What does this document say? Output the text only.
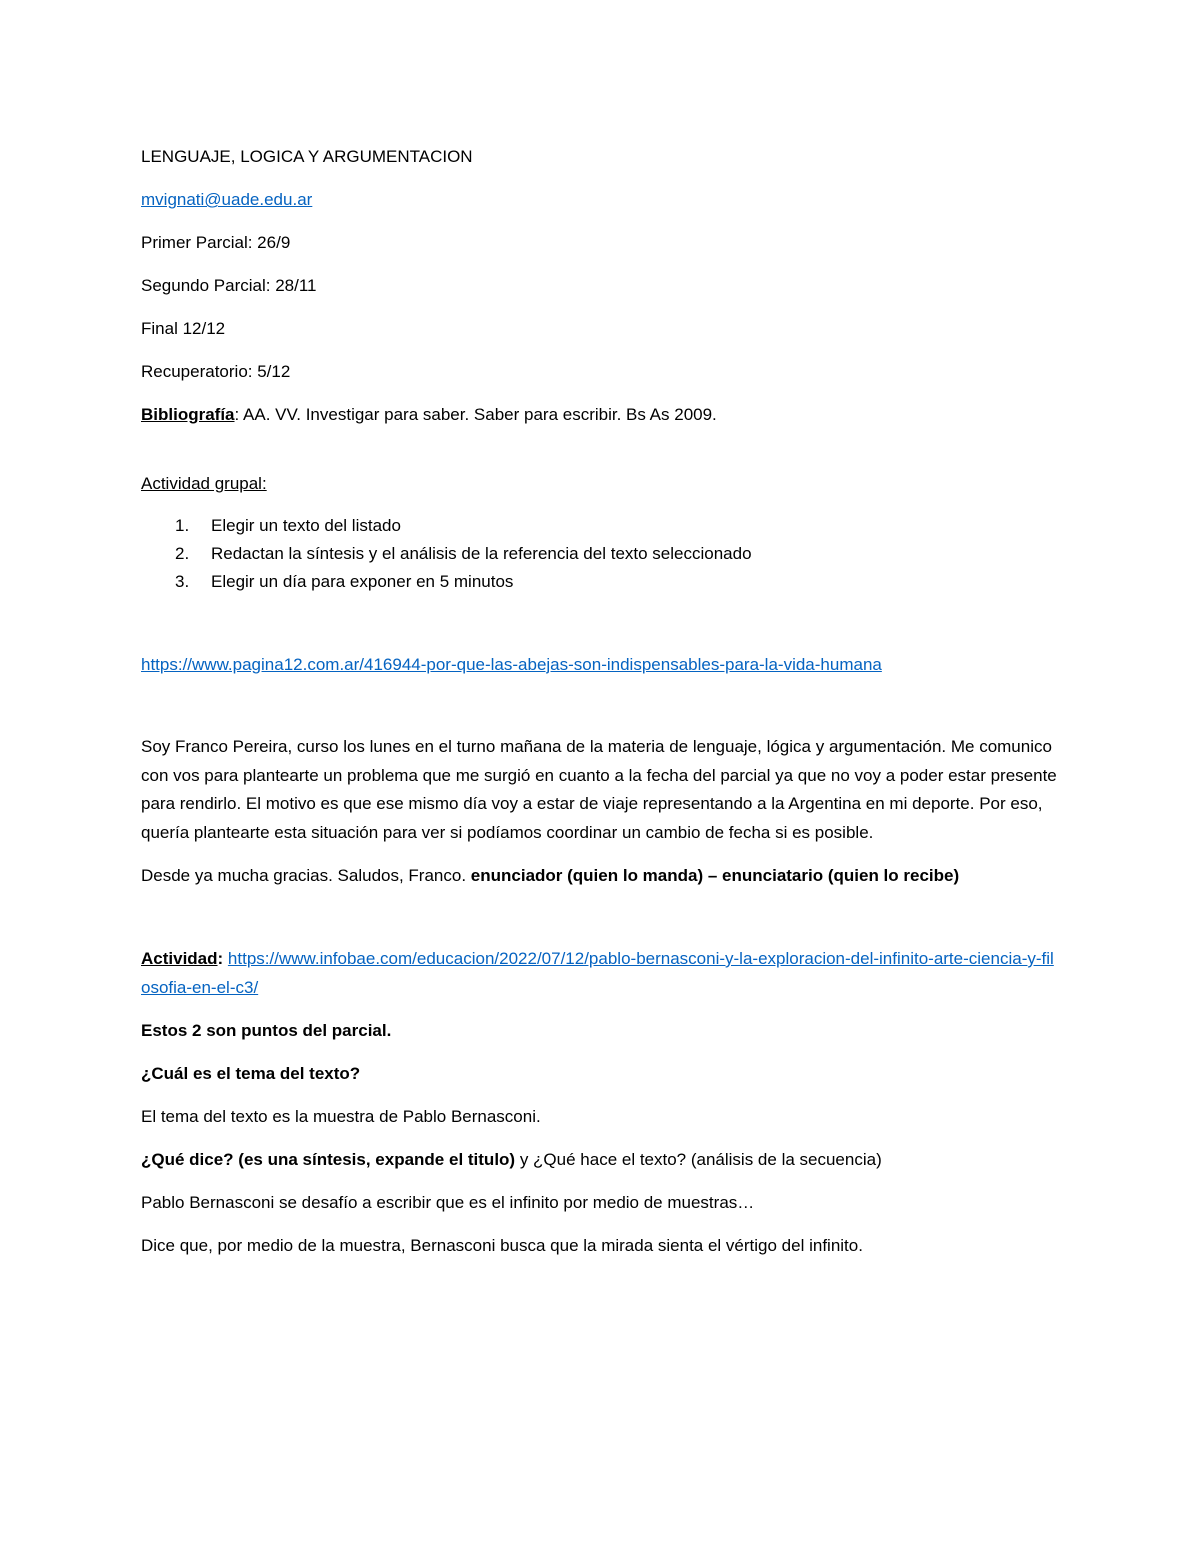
LENGUAJE, LOGICA Y ARGUMENTACION

mvignati@uade.edu.ar

Primer Parcial: 26/9

Segundo Parcial: 28/11

Final 12/12

Recuperatorio: 5/12

Bibliografía: AA. VV. Investigar para saber. Saber para escribir. Bs As 2009.

Actividad grupal:

1. Elegir un texto del listado
2. Redactan la síntesis y el análisis de la referencia del texto seleccionado
3. Elegir un día para exponer en 5 minutos

https://www.pagina12.com.ar/416944-por-que-las-abejas-son-indispensables-para-la-vida-humana

Soy Franco Pereira, curso los lunes en el turno mañana de la materia de lenguaje, lógica y argumentación. Me comunico con vos para plantearte un problema que me surgió en cuanto a la fecha del parcial ya que no voy a poder estar presente para rendirlo. El motivo es que ese mismo día voy a estar de viaje representando a la Argentina en mi deporte. Por eso, quería plantearte esta situación para ver si podíamos coordinar un cambio de fecha si es posible.

Desde ya mucha gracias. Saludos, Franco. enunciador (quien lo manda) – enunciatario (quien lo recibe)

Actividad: https://www.infobae.com/educacion/2022/07/12/pablo-bernasconi-y-la-exploracion-del-infinito-arte-ciencia-y-filosofia-en-el-c3/

Estos 2 son puntos del parcial.

¿Cuál es el tema del texto?

El tema del texto es la muestra de Pablo Bernasconi.

¿Qué dice? (es una síntesis, expande el titulo) y ¿Qué hace el texto? (análisis de la secuencia)

Pablo Bernasconi se desafío a escribir que es el infinito por medio de muestras…

Dice que, por medio de la muestra, Bernasconi busca que la mirada sienta el vértigo del infinito.
